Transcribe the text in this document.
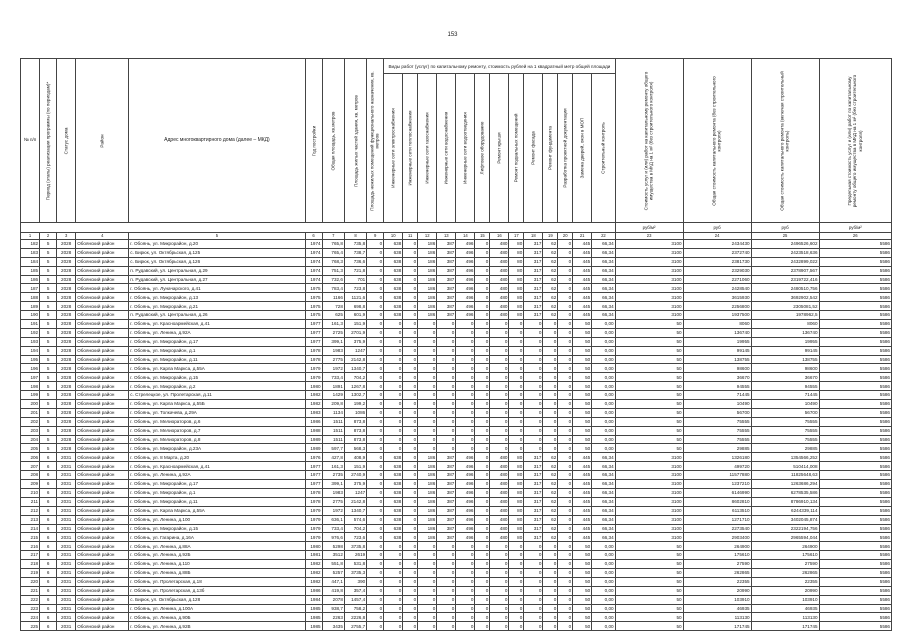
153
№ п/п	Период (этапы) реализации программы (по периодам)*	Статус дома	Район	Адрес многоквартирного дома (далее – МКД)	Год постройки	Общая площадь, кв.метров	Площадь жилых частей здания, кв. метров	Площадь нежилых помещений функционального назначения, кв. метров	Виды работ (услуг) по капитальному ремонту, стоимость рублей на 1 квадратный метр общей площади													Стоимость услуг и (или) работ на капитальному ремонту общего имущества в МКД на 1 м² (без строительного контроля)	Общая стоимость капитального ремонта (без строительного контроля)	Общая стоимость капитального ремонта (включая строительный контроль)	Предельная стоимость услуг и (или) работ по капитальному ремонту общего имущества в МКД на 1 м² (без строительного контроля)

									Инженерные сети электроснабжения	Инженерные сети теплоснабжения	Инженерные сети газоснабжения	Инженерные сети водоснабжения	Инженерные сети водоотведения	Лифтовое оборудование	Ремонт крыши	Ремонт подвальных помещений	Ремонт фасада	Ремонт фундамента	Разработка проектной документации	Замена дверей, окон в МОП	Строительный контроль				

																						руб/м²	руб	руб	руб/м²
1	2	3	4	5	6	7	8	9	10	11	12	13	14	15	16	17	18	19	20	21	22	23	24	25	26
182	5	2028	Обоянский район	г. Обоянь, ул. Микрорайон, д.20	1974	765,8	735,8	0	638	0	186	387	496	0	480	80	317	62	0	445	66,34	3100	2434430	2496526,602	5586
183	5	2028	Обоянский район	с. Бирюк, ул. Октябрьская, д.125	1974	765,4	738,7	0	638	0	186	387	496	0	480	80	317	62	0	445	66,34	3100	2372740	2423518,636	5586
184	5	2028	Обоянский район	с. Бирюк, ул. Октябрьская, д.126	1974	768,3	736,6	0	638	0	186	387	496	0	480	80	317	62	0	445	66,34	3100	2381730	2432899,022	5586
185	5	2028	Обоянский район	п. Рудавский, ул. Центральная, д.29	1974	751,3	721,8	0	638	0	186	387	496	0	480	80	317	62	0	445	66,34	3100	2329030	2378907,567	5586
186	5	2028	Обоянский район	п. Рудавский, ул. Центральная, д.27	1974	732,6	701	0	638	0	186	387	496	0	480	80	317	62	0	445	66,34	3100	2271060	2319722,416	5586
187	5	2028	Обоянский район	г. Обоянь, ул. Луначарского, д.41	1975	783,4	723,8	0	638	0	186	387	496	0	480	80	317	62	0	445	66,34	3100	2428540	2480510,756	5586
188	5	2028	Обоянский район	г. Обоянь, ул. Микрорайон, д.13	1975	1166	1121,6	0	638	0	186	387	496	0	480	80	317	62	0	445	66,34	3100	3615930	3692902,542	5586
189	5	2028	Обоянский район	г. Обоянь, ул. Микрорайон, д.21	1975	728	698,8	0	638	0	186	387	496	0	480	80	317	62	0	445	66,34	3100	2256800	2305081,52	5586
190	5	2028	Обоянский район	п. Рудавский, ул. Центральная, д.26	1975	625	601,9	0	638	0	186	387	496	0	480	80	317	62	0	445	66,34	3100	1937500	1978962,5	5586
191	5	2028	Обоянский район	г. Обоянь, ул. Краснoармейская, д.41	1977	161,3	151,9	0	0	0	0	0	0	0	0	0	0	0	0	50	0,00	50	8060	8060	5586
192	5	2028	Обоянский район	г. Обоянь, ул. Ленина, д.92А	1977	2725	2701,9	0	0	0	0	0	0	0	0	0	0	0	0	50	0,00	50	136740	136740	5586
193	5	2028	Обоянский район	г. Обоянь, ул. Микрорайон, д.17	1977	399,1	375,9	0	0	0	0	0	0	0	0	0	0	0	0	50	0,00	50	19955	19955	5586
194	5	2028	Обоянский район	г. Обоянь, ул. Микрорайон, д.1	1978	1983	1247	0	0	0	0	0	0	0	0	0	0	0	0	50	0,00	50	99145	99145	5586
195	5	2028	Обоянский район	г. Обоянь, ул. Микрорайон, д.11	1978	2775	2142,8	0	0	0	0	0	0	0	0	0	0	0	0	50	0,00	50	138755	138755	5586
196	5	2028	Обоянский район	г. Обоянь, ул. Карла Маркса, д.55А	1979	1972	1340,7	0	0	0	0	0	0	0	0	0	0	0	0	50	0,00	50	98600	98600	5586
197	5	2028	Обоянский район	г. Обоянь, ул. Микрорайон, д.15	1979	733,4	704,2	0	0	0	0	0	0	0	0	0	0	0	0	50	0,00	50	36670	36670	5586
198	5	2028	Обоянский район	г. Обоянь, ул. Микрорайон, д.2	1980	1891	1267,8	0	0	0	0	0	0	0	0	0	0	0	0	50	0,00	50	94555	94555	5586
199	5	2028	Обоянский район	с. Стрелецкое, ул. Пролетарская, д.11	1982	1429	1302,7	0	0	0	0	0	0	0	0	0	0	0	0	50	0,00	50	71445	71445	5586
200	5	2028	Обоянский район	г. Обоянь, ул. Карла Маркса, д.55Б	1982	209,8	199,2	0	0	0	0	0	0	0	0	0	0	0	0	50	0,00	50	10490	10490	5586
201	5	2028	Обоянский район	г. Обоянь, ул. Толкачева, д.29А	1983	1134	1086	0	0	0	0	0	0	0	0	0	0	0	0	50	0,00	50	56700	56700	5586
202	5	2028	Обоянский район	г. Обоянь, ул. Мелиораторов, д.6	1986	1511	873,8	0	0	0	0	0	0	0	0	0	0	0	0	50	0,00	50	75555	75555	5586
203	5	2028	Обоянский район	г. Обоянь, ул. Мелиораторов, д.7	1988	1511	873,8	0	0	0	0	0	0	0	0	0	0	0	0	50	0,00	50	75555	75555	5586
204	5	2028	Обоянский район	г. Обоянь, ул. Мелиораторов, д.8	1989	1511	873,8	0	0	0	0	0	0	0	0	0	0	0	0	50	0,00	50	75555	75555	5586
205	5	2028	Обоянский район	г. Обоянь, ул. Микрорайон, д.23А	1989	597,7	568,3	0	0	0	0	0	0	0	0	0	0	0	0	50	0,00	50	29885	29885	5586
206	6	2031	Обоянский район	г. Обоянь, ул. 8 Марта, д.20	1976	427,8	408,9	0	638	0	186	387	496	0	480	80	317	62	0	445	66,34	3100	1326180	1354566,252	5586
207	6	2031	Обоянский район	г. Обоянь, ул. Краснoармейская, д.41	1977	161,3	151,9	0	638	0	186	387	496	0	480	80	317	62	0	445	66,34	3100	499720	510414,008	5586
208	6	2031	Обоянский район	г. Обоянь, ул. Ленина, д.92А	1977	2735	2740,9	0	638	0	186	387	496	0	480	80	317	62	0	445	66,34	3100	11577880	11825648,63	5586
209	6	2031	Обоянский район	г. Обоянь, ул. Микрорайон, д.17	1977	399,1	375,9	0	638	0	186	387	496	0	480	80	317	62	0	445	66,34	3100	1237210	1263686,294	5586
210	6	2031	Обоянский район	г. Обоянь, ул. Микрорайон, д.1	1978	1983	1247	0	638	0	186	387	496	0	480	80	317	62	0	445	66,34	3100	6146990	6278535,586	5586
211	6	2031	Обоянский район	г. Обоянь, ул. Микрорайон, д.11	1978	2775	2142,8	0	638	0	186	387	496	0	480	80	317	62	0	445	66,34	3100	8602810	8786910,134	5586
212	6	2031	Обоянский район	г. Обоянь, ул. Карла Маркса, д.55А	1979	1972	1340,7	0	638	0	186	387	496	0	480	80	317	62	0	445	66,34	3100	6113510	6244339,114	5586
213	6	2031	Обоянский район	г. Обоянь, ул. Ленина, д.100	1979	636,1	574,6	0	638	0	186	387	496	0	480	80	317	62	0	445	66,34	3100	1271710	3402045,874	5586
214	6	2031	Обоянский район	г. Обоянь, ул. Микрорайон, д.15	1979	733,4	704,2	0	638	0	186	387	496	0	480	80	317	62	0	445	66,34	3100	2273540	2322194,756	5586
215	6	2031	Обоянский район	г. Обоянь, ул. Гагарина, д.16А	1979	976,6	723,6	0	638	0	186	387	496	0	480	80	317	62	0	445	66,34	3100	2903400	2965594,044	5586
216	6	2031	Обоянский район	г. Обоянь, ул. Ленина, д.88А	1980	5298	3735,8	0	0	0	0	0	0	0	0	0	0	0	0	50	0,00	50	264900	264900	5586
217	6	2031	Обоянский район	г. Обоянь, ул. Ленина, д.92Б	1981	3512	2619	0	0	0	0	0	0	0	0	0	0	0	0	50	0,00	50	175610	175610	5586
218	6	2031	Обоянский район	г. Обоянь, ул. Ленина, д.110	1982	551,8	531,8	0	0	0	0	0	0	0	0	0	0	0	0	50	0,00	50	27590	27590	5586
219	6	2031	Обоянский район	г. Обоянь, ул. Ленина, д.88Б	1982	5257	3735,3	0	0	0	0	0	0	0	0	0	0	0	0	50	0,00	50	262865	262865	5586
220	6	2031	Обоянский район	г. Обоянь, ул. Пролетарская, д.18	1982	447,1	390	0	0	0	0	0	0	0	0	0	0	0	0	50	0,00	50	22355	22355	5586
221	6	2031	Обоянский район	г. Обоянь, ул. Пролетарская, д.13б	1986	419,8	357,4	0	0	0	0	0	0	0	0	0	0	0	0	50	0,00	50	20990	20990	5586
222	6	2031	Обоянский район	с. Бирюк, ул. Октябрьская, д.128	1984	2078	1457,4	0	0	0	0	0	0	0	0	0	0	0	0	50	0,00	50	103910	103910	5586
223	6	2031	Обоянский район	г. Обоянь, ул. Ленина, д.100А	1985	938,7	758,2	0	0	0	0	0	0	0	0	0	0	0	0	50	0,00	50	46935	46935	5586
224	6	2031	Обоянский район	г. Обоянь, ул. Ленина, д.90Б	1985	2263	2226,8	0	0	0	0	0	0	0	0	0	0	0	0	50	0,00	50	113130	113130	5586
225	6	2031	Обоянский район	г. Обоянь, ул. Ленина, д.92В	1985	3435	2755,7	0	0	0	0	0	0	0	0	0	0	0	0	50	0,00	50	171745	171745	5586
